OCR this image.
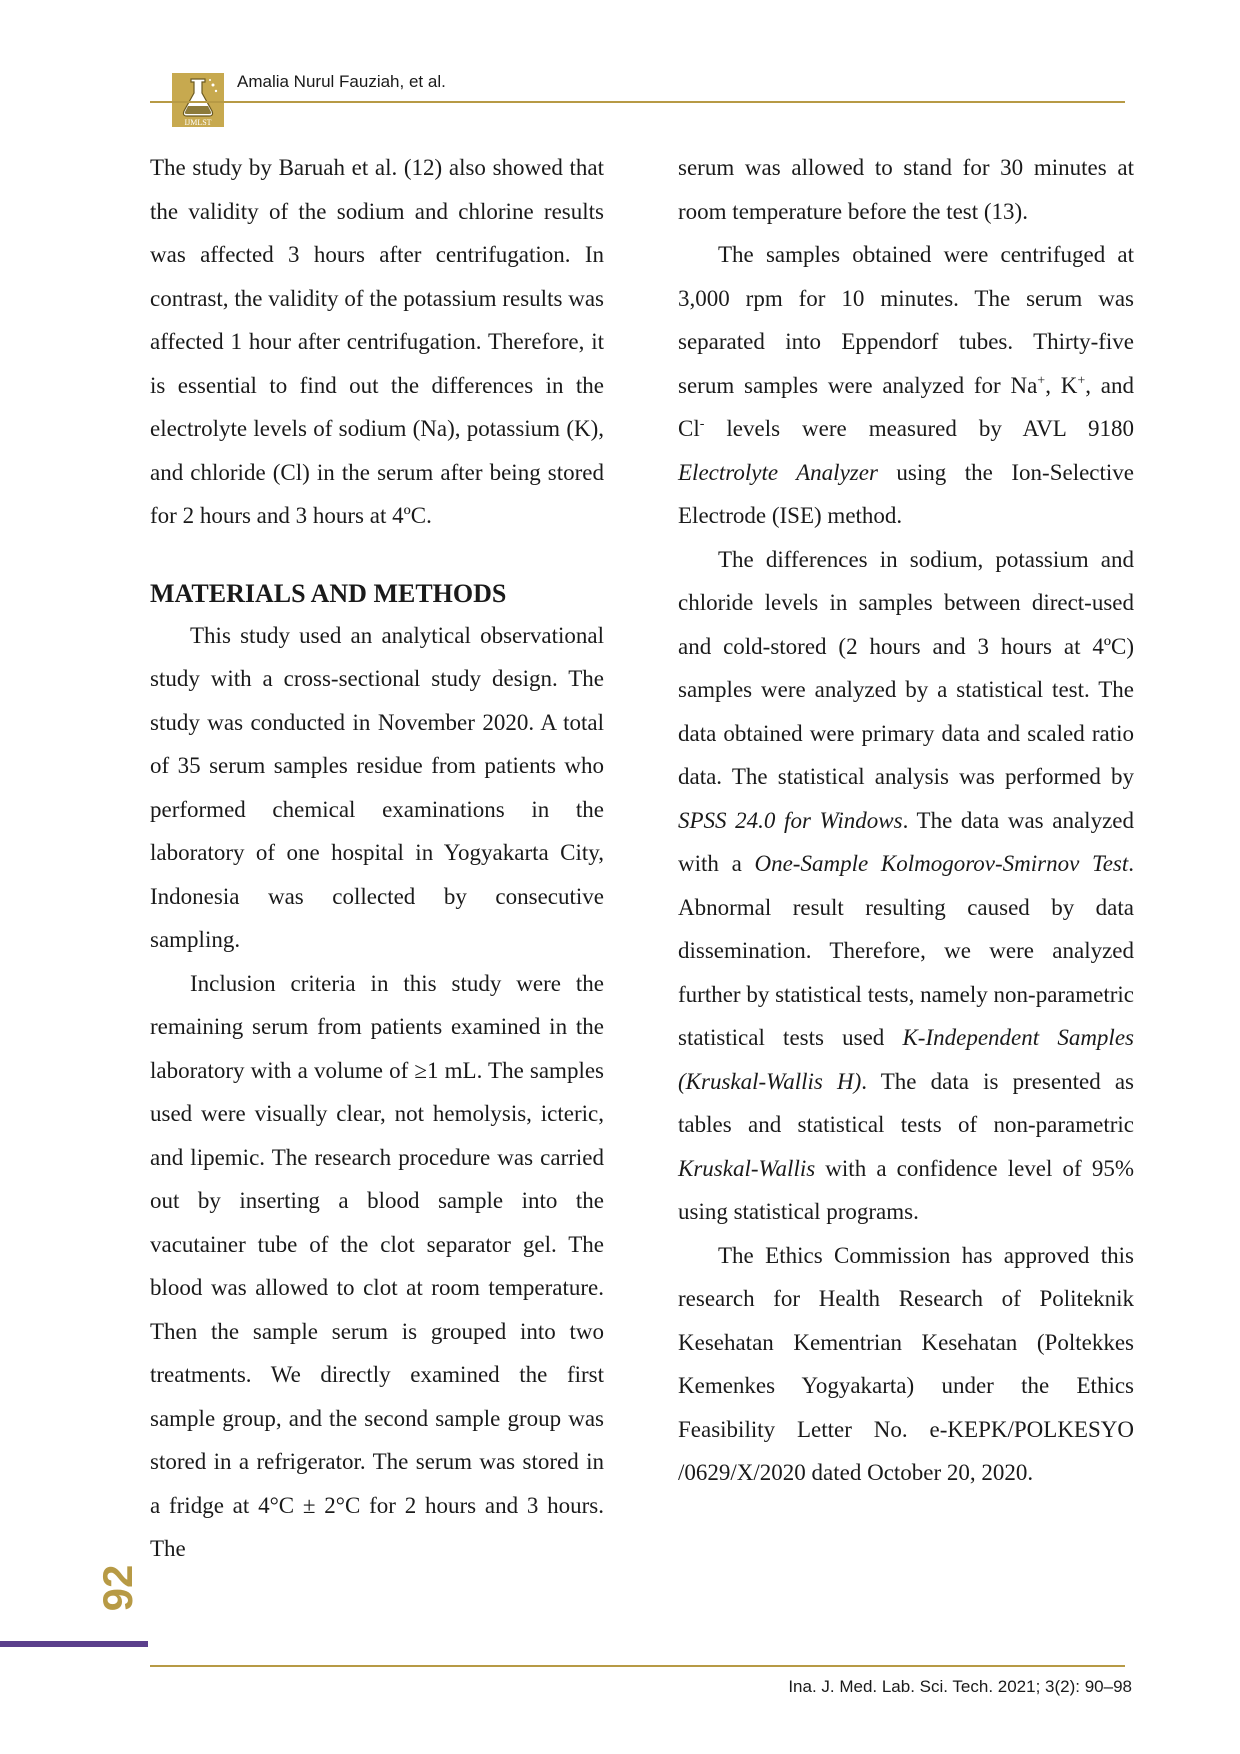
IJMLST
Amalia Nurul Fauziah, et al.

The study by Baruah et al. (12) also showed that the validity of the sodium and chlorine results was affected 3 hours after centrifugation. In contrast, the validity of the potassium results was affected 1 hour after centrifugation. Therefore, it is essential to find out the differences in the electrolyte levels of sodium (Na), potassium (K), and chloride (Cl) in the serum after being stored for 2 hours and 3 hours at 4ºC.

MATERIALS AND METHODS

This study used an analytical observational study with a cross-sectional study design. The study was conducted in November 2020. A total of 35 serum samples residue from patients who performed chemical examinations in the laboratory of one hospital in Yogyakarta City, Indonesia was collected by consecutive sampling.

Inclusion criteria in this study were the remaining serum from patients examined in the laboratory with a volume of ≥1 mL. The samples used were visually clear, not hemolysis, icteric, and lipemic. The research procedure was carried out by inserting a blood sample into the vacutainer tube of the clot separator gel. The blood was allowed to clot at room temperature. Then the sample serum is grouped into two treatments. We directly examined the first sample group, and the second sample group was stored in a refrigerator. The serum was stored in a fridge at 4°C ± 2°C for 2 hours and 3 hours. The

serum was allowed to stand for 30 minutes at room temperature before the test (13).

The samples obtained were centrifuged at 3,000 rpm for 10 minutes. The serum was separated into Eppendorf tubes. Thirty-five serum samples were analyzed for Na+, K+, and Cl- levels were measured by AVL 9180 Electrolyte Analyzer using the Ion-Selective Electrode (ISE) method.

The differences in sodium, potassium and chloride levels in samples between direct-used and cold-stored (2 hours and 3 hours at 4ºC) samples were analyzed by a statistical test. The data obtained were primary data and scaled ratio data. The statistical analysis was performed by SPSS 24.0 for Windows. The data was analyzed with a One-Sample Kolmogorov-Smirnov Test. Abnormal result resulting caused by data dissemination. Therefore, we were analyzed further by statistical tests, namely non-parametric statistical tests used K-Independent Samples (Kruskal-Wallis H). The data is presented as tables and statistical tests of non-parametric Kruskal-Wallis with a confidence level of 95% using statistical programs.

The Ethics Commission has approved this research for Health Research of Politeknik Kesehatan Kementrian Kesehatan (Poltekkes Kemenkes Yogyakarta) under the Ethics Feasibility Letter No. e-KEPK/POLKESYO /0629/X/2020 dated October 20, 2020.

92
Ina. J. Med. Lab. Sci. Tech. 2021; 3(2): 90–98
